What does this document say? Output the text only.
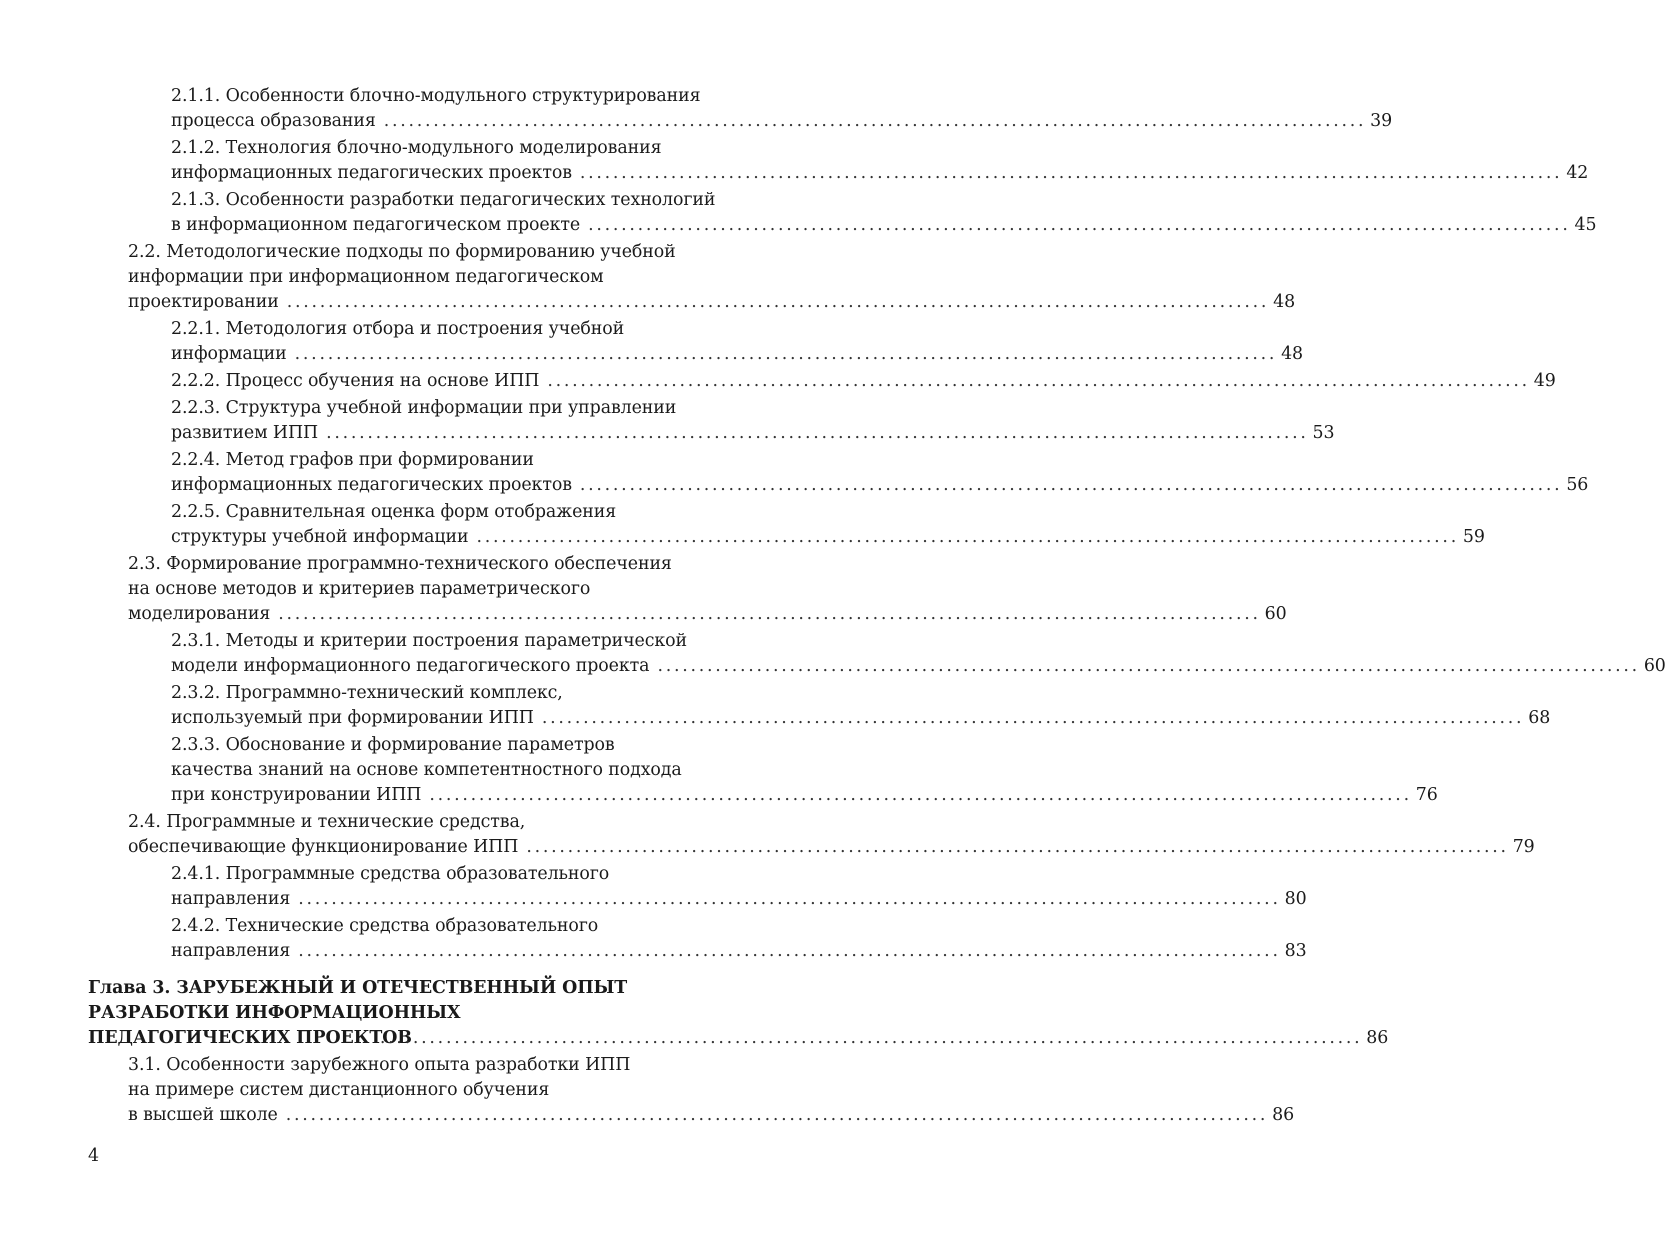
2.1.1. Особенности блочно-модульного структурирования
процесса образования . . .	39
2.1.2. Технология блочно-модульного моделирования
информационных педагогических проектов . . .	42
2.1.3. Особенности разработки педагогических технологий
в информационном педагогическом проекте . . .	45
2.2. Методологические подходы по формированию учебной
информации при информационном педагогическом
проектировании . . .	48
2.2.1. Методология отбора и построения учебной
информации . . .	48
2.2.2. Процесс обучения на основе ИПП . . .	49
2.2.3. Структура учебной информации при управлении
развитием ИПП . . .	53
2.2.4. Метод графов при формировании
информационных педагогических проектов . . .	56
2.2.5. Сравнительная оценка форм отображения
структуры учебной информации . . .	59
2.3. Формирование программно-технического обеспечения
на основе методов и критериев параметрического
моделирования . . .	60
2.3.1. Методы и критерии построения параметрической
модели информационного педагогического проекта . . .	60
2.3.2. Программно-технический комплекс,
используемый при формировании ИПП . . .	68
2.3.3. Обоснование и формирование параметров
качества знаний на основе компетентностного подхода
при конструировании ИПП . . .	76
2.4. Программные и технические средства,
обеспечивающие функционирование ИПП . . .	79
2.4.1. Программные средства образовательного
направления . . .	80
2.4.2. Технические средства образовательного
направления . . .	83
Глава 3. ЗАРУБЕЖНЫЙ И ОТЕЧЕСТВЕННЫЙ ОПЫТ
РАЗРАБОТКИ ИНФОРМАЦИОННЫХ
ПЕДАГОГИЧЕСКИХ ПРОЕКТОВ . . .	86
3.1. Особенности зарубежного опыта разработки ИПП
на примере систем дистанционного обучения
в высшей школе . . .	86
4
